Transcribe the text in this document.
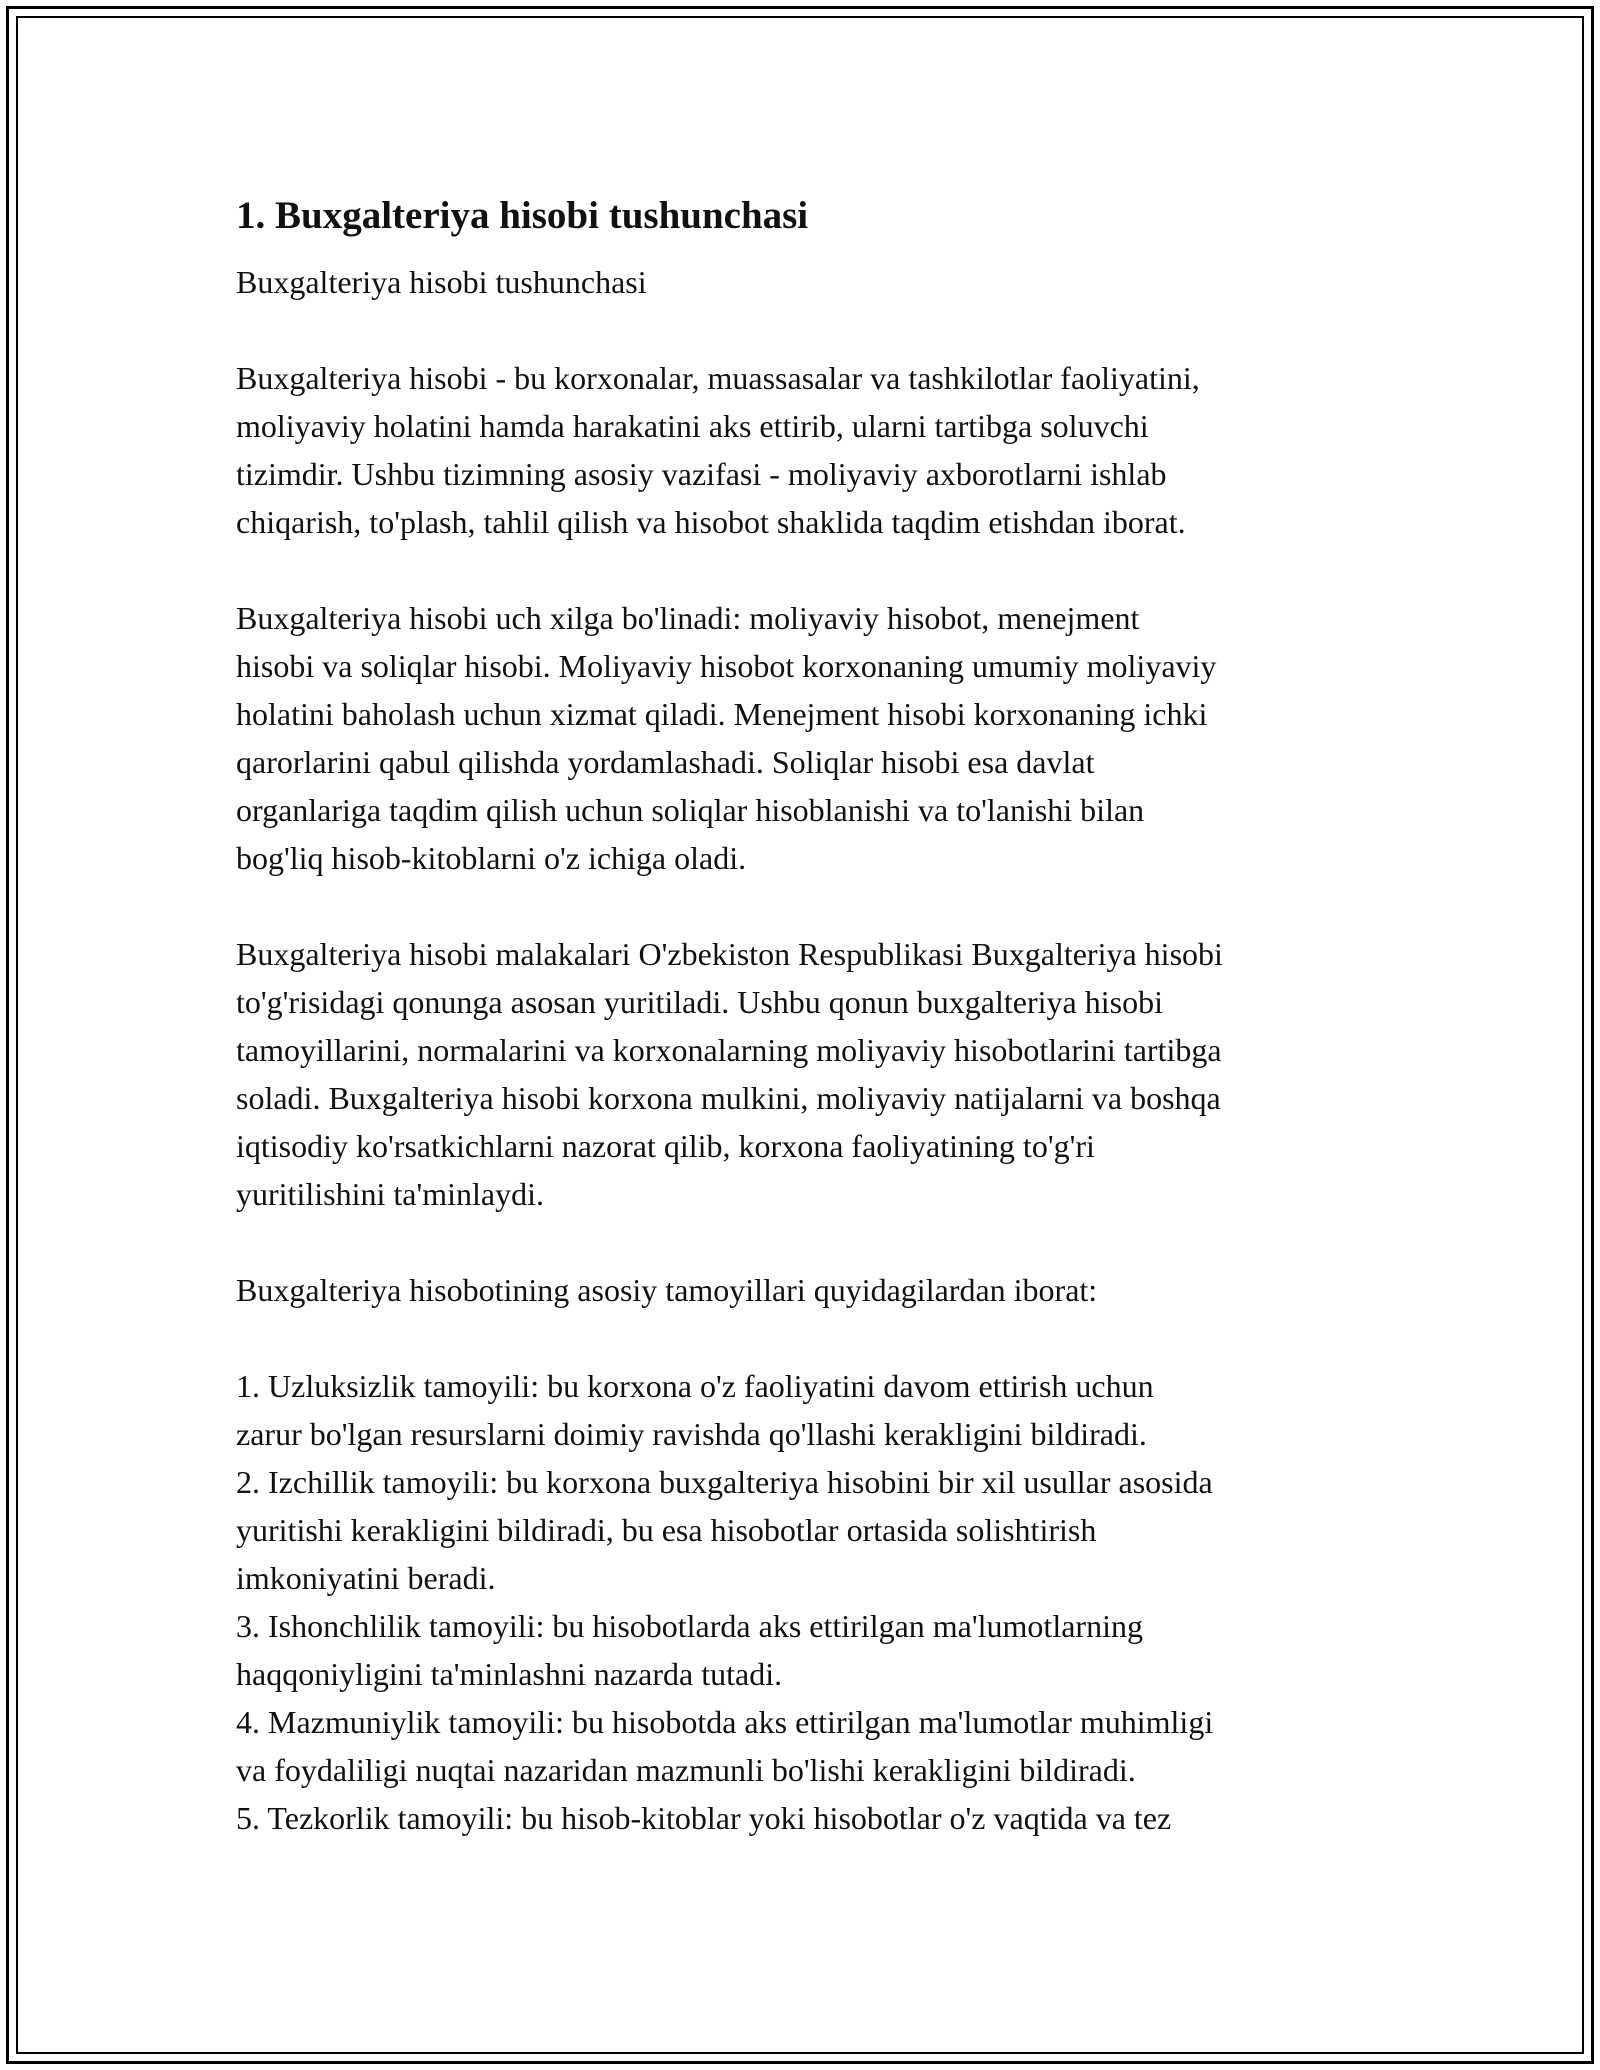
1. Buxgalteriya hisobi tushunchasi
Buxgalteriya hisobi tushunchasi
Buxgalteriya hisobi - bu korxonalar, muassasalar va tashkilotlar faoliyatini,
moliyaviy holatini hamda harakatini aks ettirib, ularni tartibga soluvchi
tizimdir. Ushbu tizimning asosiy vazifasi - moliyaviy axborotlarni ishlab
chiqarish, to'plash, tahlil qilish va hisobot shaklida taqdim etishdan iborat.
Buxgalteriya hisobi uch xilga bo'linadi: moliyaviy hisobot, menejment
hisobi va soliqlar hisobi. Moliyaviy hisobot korxonaning umumiy moliyaviy
holatini baholash uchun xizmat qiladi. Menejment hisobi korxonaning ichki
qarorlarini qabul qilishda yordamlashadi. Soliqlar hisobi esa davlat
organlariga taqdim qilish uchun soliqlar hisoblanishi va to'lanishi bilan
bog'liq hisob-kitoblarni o'z ichiga oladi.
Buxgalteriya hisobi malakalari O'zbekiston Respublikasi Buxgalteriya hisobi
to'g'risidagi qonunga asosan yuritiladi. Ushbu qonun buxgalteriya hisobi
tamoyillarini, normalarini va korxonalarning moliyaviy hisobotlarini tartibga
soladi. Buxgalteriya hisobi korxona mulkini, moliyaviy natijalarni va boshqa
iqtisodiy ko'rsatkichlarni nazorat qilib, korxona faoliyatining to'g'ri
yuritilishini ta'minlaydi.
Buxgalteriya hisobotining asosiy tamoyillari quyidagilardan iborat:
1. Uzluksizlik tamoyili: bu korxona o'z faoliyatini davom ettirish uchun
zarur bo'lgan resurslarni doimiy ravishda qo'llashi kerakligini bildiradi.
2. Izchillik tamoyili: bu korxona buxgalteriya hisobini bir xil usullar asosida
yuritishi kerakligini bildiradi, bu esa hisobotlar ortasida solishtirish
imkoniyatini beradi.
3. Ishonchlilik tamoyili: bu hisobotlarda aks ettirilgan ma'lumotlarning
haqqoniyligini ta'minlashni nazarda tutadi.
4. Mazmuniylik tamoyili: bu hisobotda aks ettirilgan ma'lumotlar muhimligi
va foydaliligi nuqtai nazaridan mazmunli bo'lishi kerakligini bildiradi.
5. Tezkorlik tamoyili: bu hisob-kitoblar yoki hisobotlar o'z vaqtida va tez
